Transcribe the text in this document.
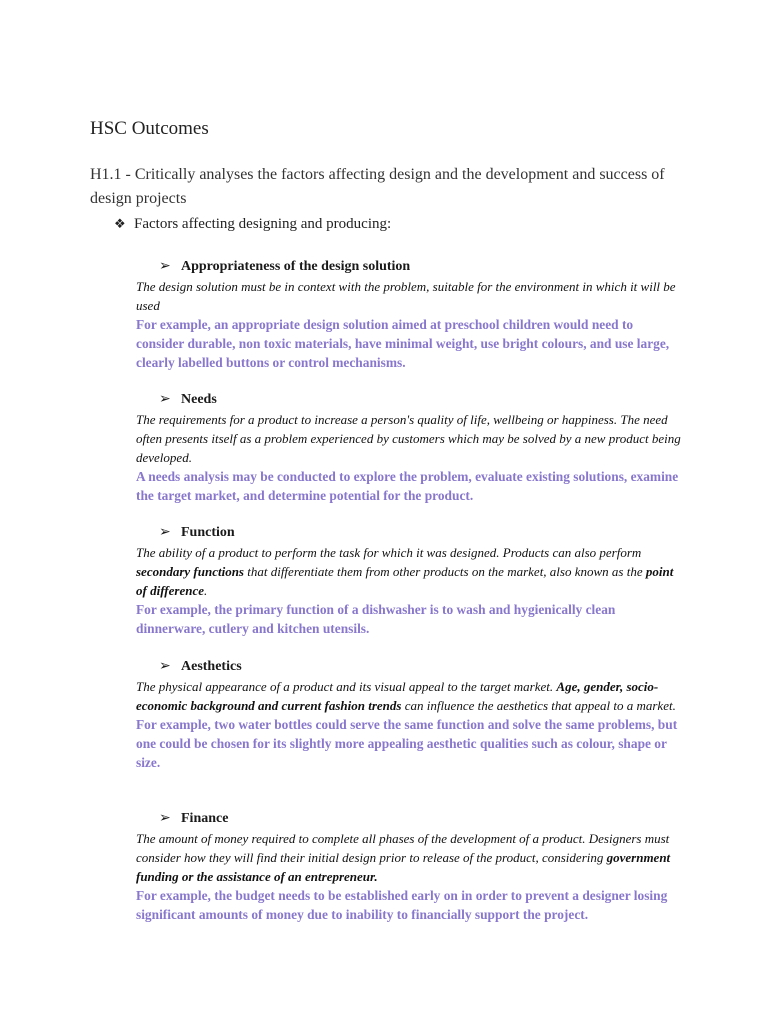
HSC Outcomes
H1.1 - Critically analyses the factors affecting design and the development and success of design projects
❖ Factors affecting designing and producing:
➢ Appropriateness of the design solution
The design solution must be in context with the problem, suitable for the environment in which it will be used
For example, an appropriate design solution aimed at preschool children would need to consider durable, non toxic materials, have minimal weight, use bright colours, and use large, clearly labelled buttons or control mechanisms.
➢ Needs
The requirements for a product to increase a person's quality of life, wellbeing or happiness. The need often presents itself as a problem experienced by customers which may be solved by a new product being developed.
A needs analysis may be conducted to explore the problem, evaluate existing solutions, examine the target market, and determine potential for the product.
➢ Function
The ability of a product to perform the task for which it was designed. Products can also perform secondary functions that differentiate them from other products on the market, also known as the point of difference.
For example, the primary function of a dishwasher is to wash and hygienically clean dinnerware, cutlery and kitchen utensils.
➢ Aesthetics
The physical appearance of a product and its visual appeal to the target market. Age, gender, socio-economic background and current fashion trends can influence the aesthetics that appeal to a market.
For example, two water bottles could serve the same function and solve the same problems, but one could be chosen for its slightly more appealing aesthetic qualities such as colour, shape or size.
➢ Finance
The amount of money required to complete all phases of the development of a product. Designers must consider how they will find their initial design prior to release of the product, considering government funding or the assistance of an entrepreneur.
For example, the budget needs to be established early on in order to prevent a designer losing significant amounts of money due to inability to financially support the project.
